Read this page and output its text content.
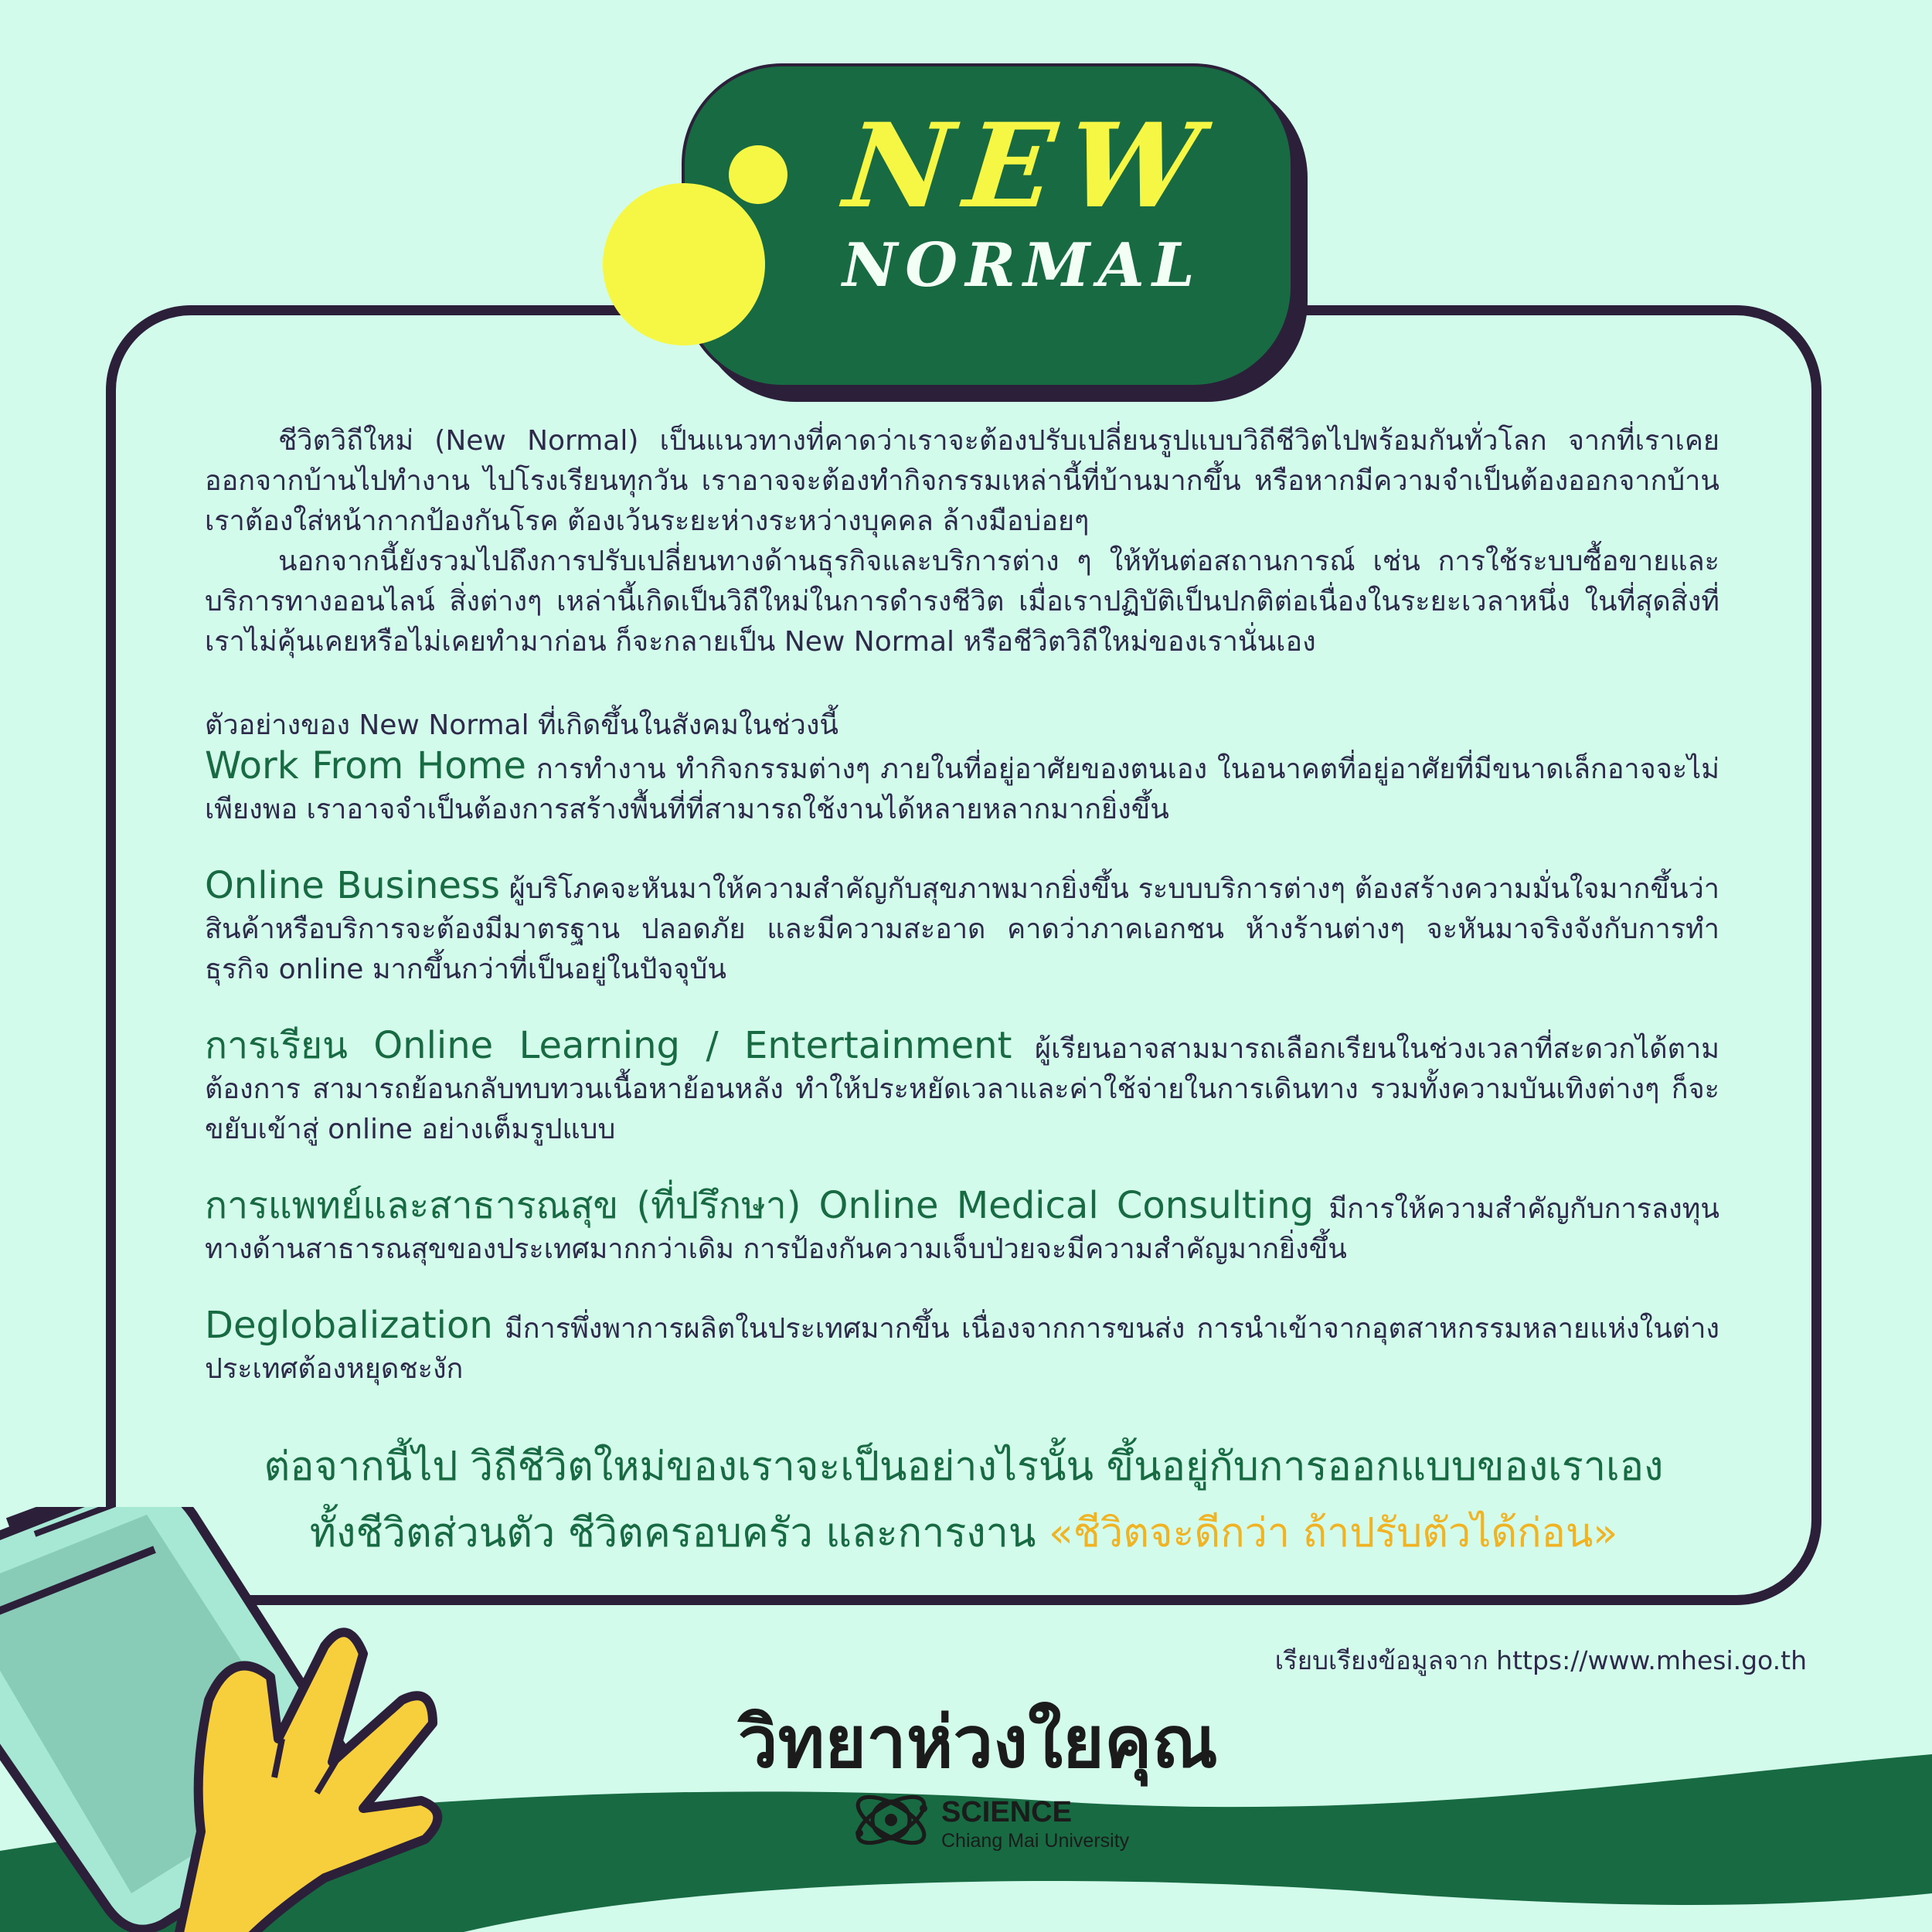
NEW
NORMAL

ชีวิตวิถีใหม่ (New Normal) เป็นแนวทางที่คาดว่าเราจะต้องปรับเปลี่ยนรูปแบบวิถีชีวิตไปพร้อมกันทั่วโลก จากที่เราเคยออกจากบ้านไปทำงาน ไปโรงเรียนทุกวัน เราอาจจะต้องทำกิจกรรมเหล่านี้ที่บ้านมากขึ้น หรือหากมีความจำเป็นต้องออกจากบ้าน เราต้องใส่หน้ากากป้องกันโรค ต้องเว้นระยะห่างระหว่างบุคคล ล้างมือบ่อยๆ

นอกจากนี้ยังรวมไปถึงการปรับเปลี่ยนทางด้านธุรกิจและบริการต่าง ๆ ให้ทันต่อสถานการณ์ เช่น การใช้ระบบซื้อขายและบริการทางออนไลน์ สิ่งต่างๆ เหล่านี้เกิดเป็นวิถีใหม่ในการดำรงชีวิต เมื่อเราปฏิบัติเป็นปกติต่อเนื่องในระยะเวลาหนึ่ง ในที่สุดสิ่งที่เราไม่คุ้นเคยหรือไม่เคยทำมาก่อน ก็จะกลายเป็น New Normal หรือชีวิตวิถีใหม่ของเรานั่นเอง

ตัวอย่างของ New Normal ที่เกิดขึ้นในสังคมในช่วงนี้

Work From Home การทำงาน ทำกิจกรรมต่างๆ ภายในที่อยู่อาศัยของตนเอง ในอนาคตที่อยู่อาศัยที่มีขนาดเล็กอาจจะไม่เพียงพอ เราอาจจำเป็นต้องการสร้างพื้นที่ที่สามารถใช้งานได้หลายหลากมากยิ่งขึ้น

Online Business ผู้บริโภคจะหันมาให้ความสำคัญกับสุขภาพมากยิ่งขึ้น ระบบบริการต่างๆ ต้องสร้างความมั่นใจมากขึ้นว่าสินค้าหรือบริการจะต้องมีมาตรฐาน ปลอดภัย และมีความสะอาด คาดว่าภาคเอกชน ห้างร้านต่างๆ จะหันมาจริงจังกับการทำธุรกิจ online มากขึ้นกว่าที่เป็นอยู่ในปัจจุบัน

การเรียน Online Learning / Entertainment ผู้เรียนอาจสามมารถเลือกเรียนในช่วงเวลาที่สะดวกได้ตามต้องการ สามารถย้อนกลับทบทวนเนื้อหาย้อนหลัง ทำให้ประหยัดเวลาและค่าใช้จ่ายในการเดินทาง รวมทั้งความบันเทิงต่างๆ ก็จะขยับเข้าสู่ online อย่างเต็มรูปแบบ

การแพทย์และสาธารณสุข (ที่ปรึกษา) Online Medical Consulting มีการให้ความสำคัญกับการลงทุนทางด้านสาธารณสุขของประเทศมากกว่าเดิม การป้องกันความเจ็บป่วยจะมีความสำคัญมากยิ่งขึ้น

Deglobalization มีการพึ่งพาการผลิตในประเทศมากขึ้น เนื่องจากการขนส่ง การนำเข้าจากอุตสาหกรรมหลายแห่งในต่างประเทศต้องหยุดชะงัก

ต่อจากนี้ไป วิถีชีวิตใหม่ของเราจะเป็นอย่างไรนั้น ขึ้นอยู่กับการออกแบบของเราเอง
ทั้งชีวิตส่วนตัว ชีวิตครอบครัว และการงาน «ชีวิตจะดีกว่า ถ้าปรับตัวได้ก่อน»
เรียบเรียงข้อมูลจาก https://www.mhesi.go.th
วิทยาห่วงใยคุณ
SCIENCE
Chiang Mai University
